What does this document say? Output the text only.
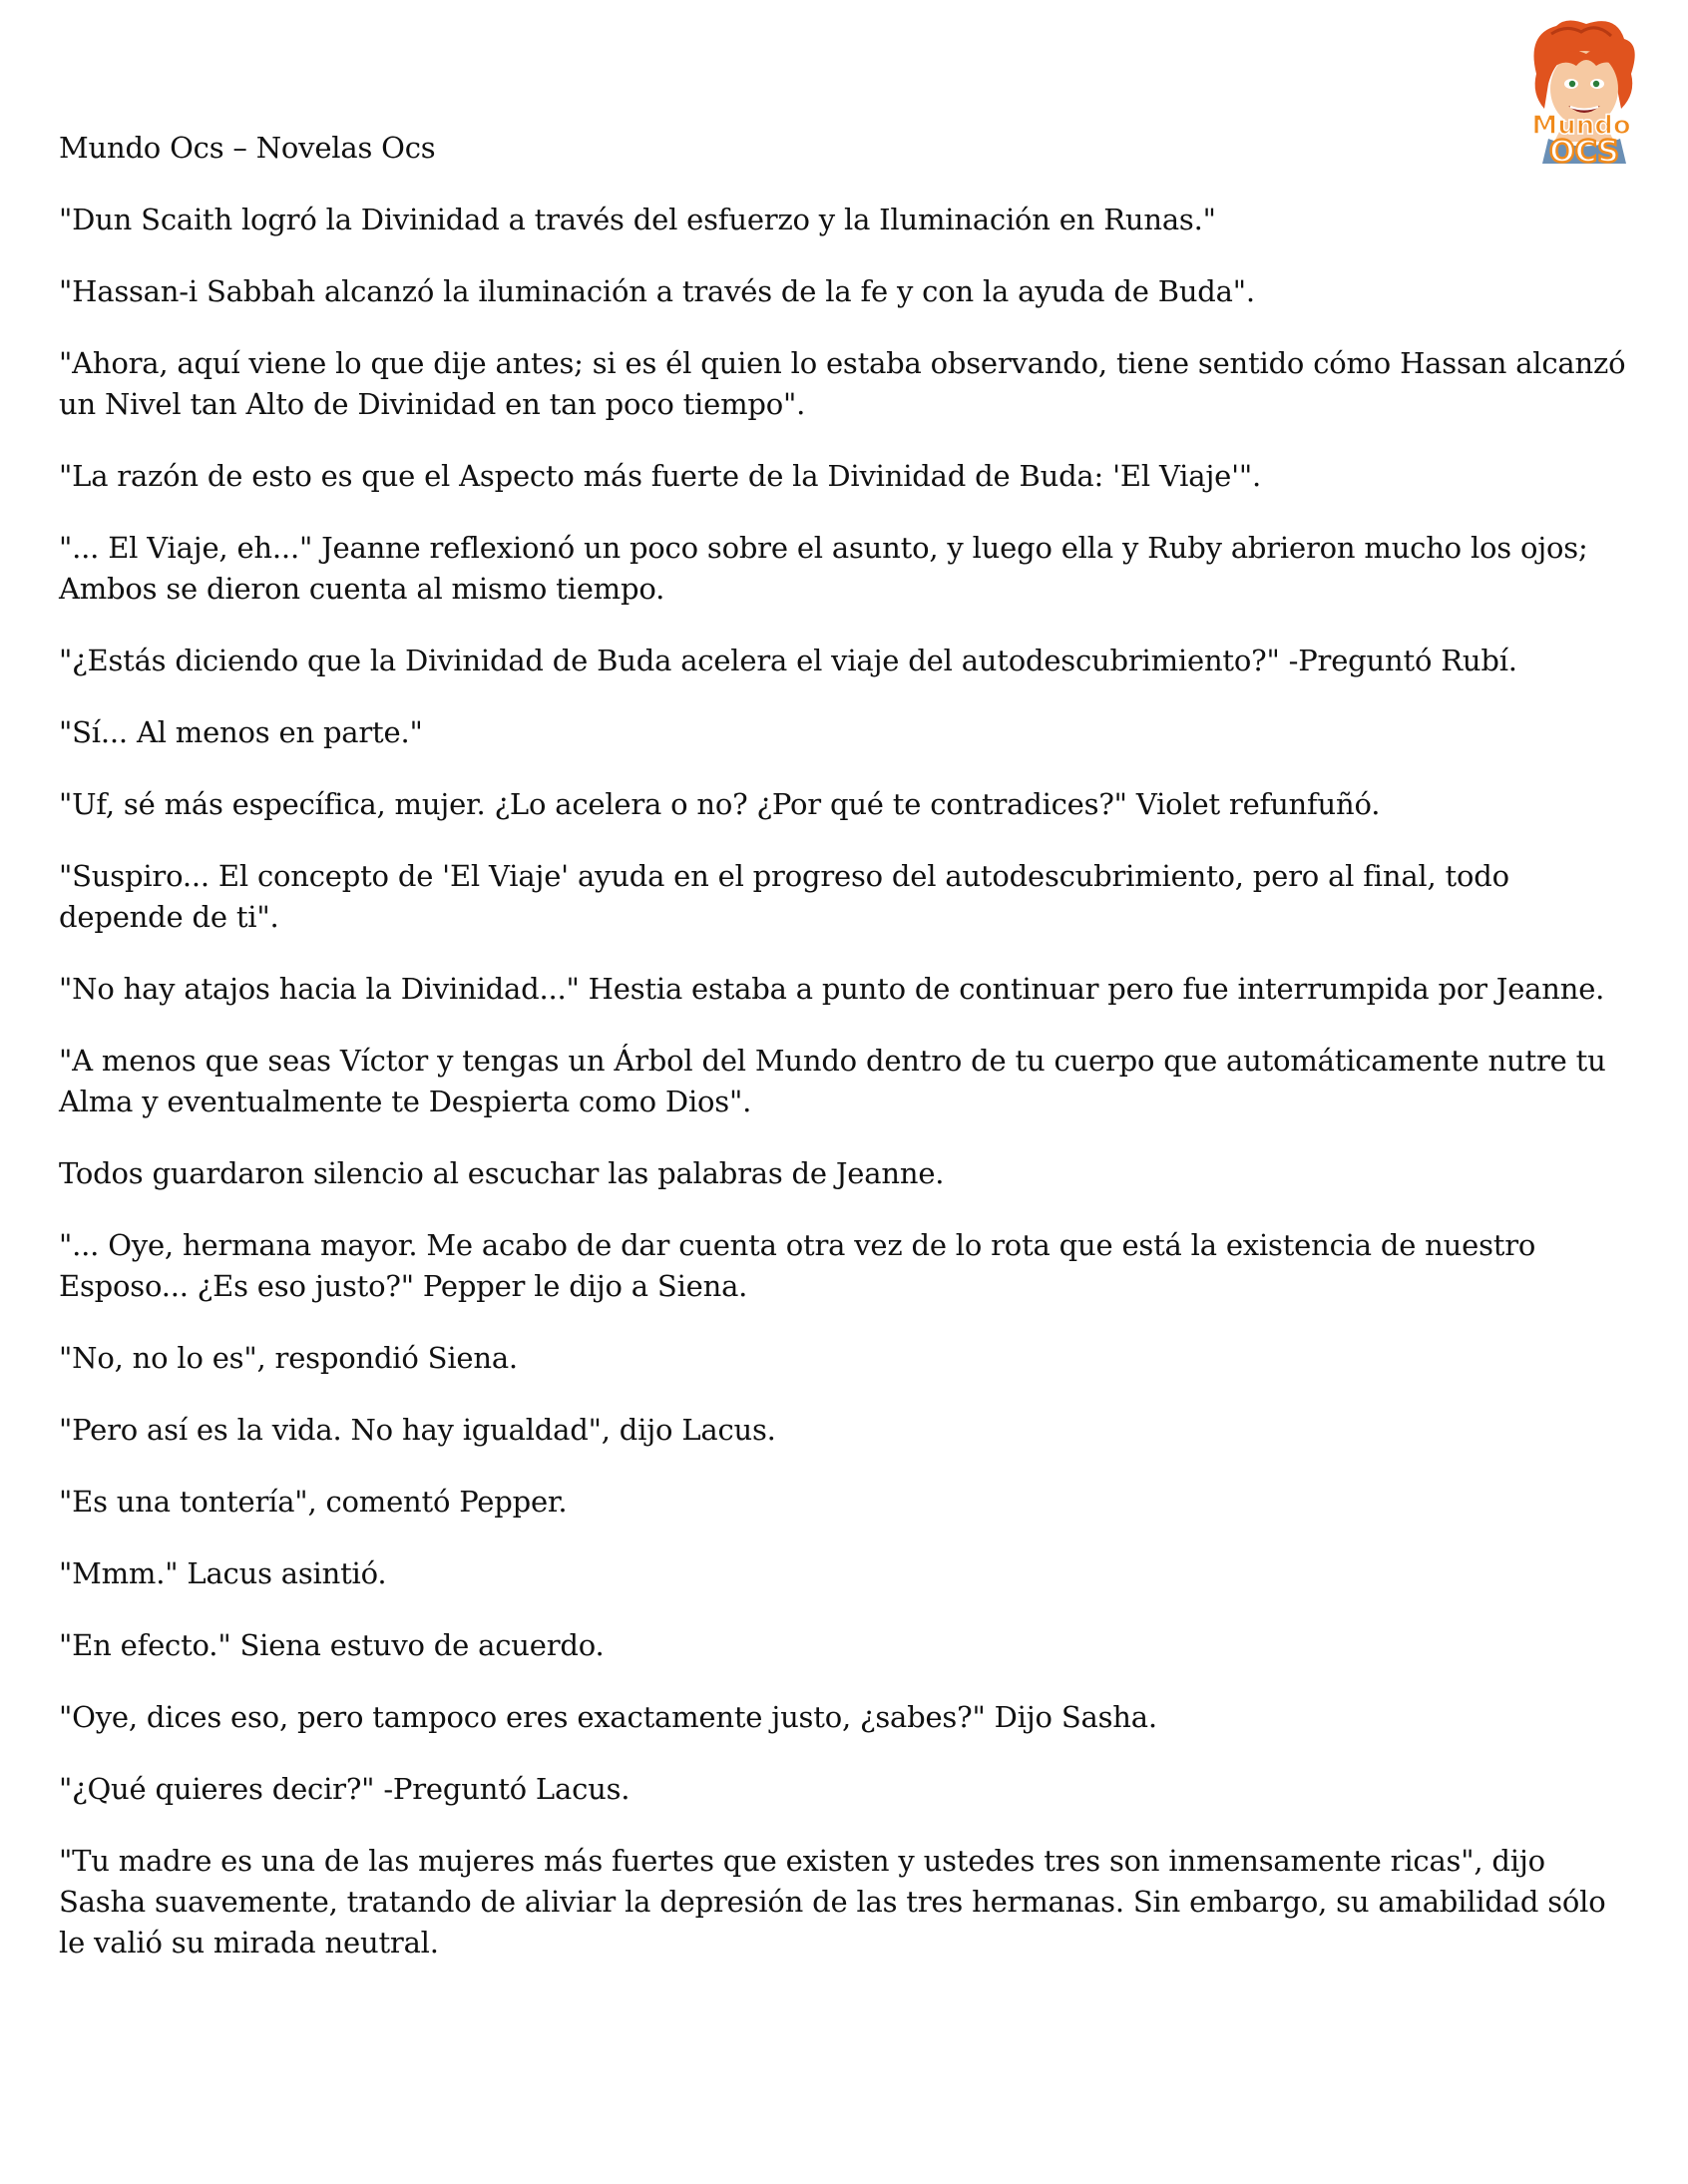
Mundo
OCS

Mundo Ocs – Novelas Ocs

"Dun Scaith logró la Divinidad a través del esfuerzo y la Iluminación en Runas."

"Hassan-i Sabbah alcanzó la iluminación a través de la fe y con la ayuda de Buda".

"Ahora, aquí viene lo que dije antes; si es él quien lo estaba observando, tiene sentido cómo Hassan alcanzó un Nivel tan Alto de Divinidad en tan poco tiempo".

"La razón de esto es que el Aspecto más fuerte de la Divinidad de Buda: 'El Viaje'".

"... El Viaje, eh..." Jeanne reflexionó un poco sobre el asunto, y luego ella y Ruby abrieron mucho los ojos; Ambos se dieron cuenta al mismo tiempo.

"¿Estás diciendo que la Divinidad de Buda acelera el viaje del autodescubrimiento?" -Preguntó Rubí.

"Sí... Al menos en parte."

"Uf, sé más específica, mujer. ¿Lo acelera o no? ¿Por qué te contradices?" Violet refunfuñó.

"Suspiro... El concepto de 'El Viaje' ayuda en el progreso del autodescubrimiento, pero al final, todo depende de ti".

"No hay atajos hacia la Divinidad..." Hestia estaba a punto de continuar pero fue interrumpida por Jeanne.

"A menos que seas Víctor y tengas un Árbol del Mundo dentro de tu cuerpo que automáticamente nutre tu Alma y eventualmente te Despierta como Dios".

Todos guardaron silencio al escuchar las palabras de Jeanne.

"... Oye, hermana mayor. Me acabo de dar cuenta otra vez de lo rota que está la existencia de nuestro Esposo... ¿Es eso justo?" Pepper le dijo a Siena.

"No, no lo es", respondió Siena.

"Pero así es la vida. No hay igualdad", dijo Lacus.

"Es una tontería", comentó Pepper.

"Mmm." Lacus asintió.

"En efecto." Siena estuvo de acuerdo.

"Oye, dices eso, pero tampoco eres exactamente justo, ¿sabes?" Dijo Sasha.

"¿Qué quieres decir?" -Preguntó Lacus.

"Tu madre es una de las mujeres más fuertes que existen y ustedes tres son inmensamente ricas", dijo Sasha suavemente, tratando de aliviar la depresión de las tres hermanas. Sin embargo, su amabilidad sólo le valió su mirada neutral.
